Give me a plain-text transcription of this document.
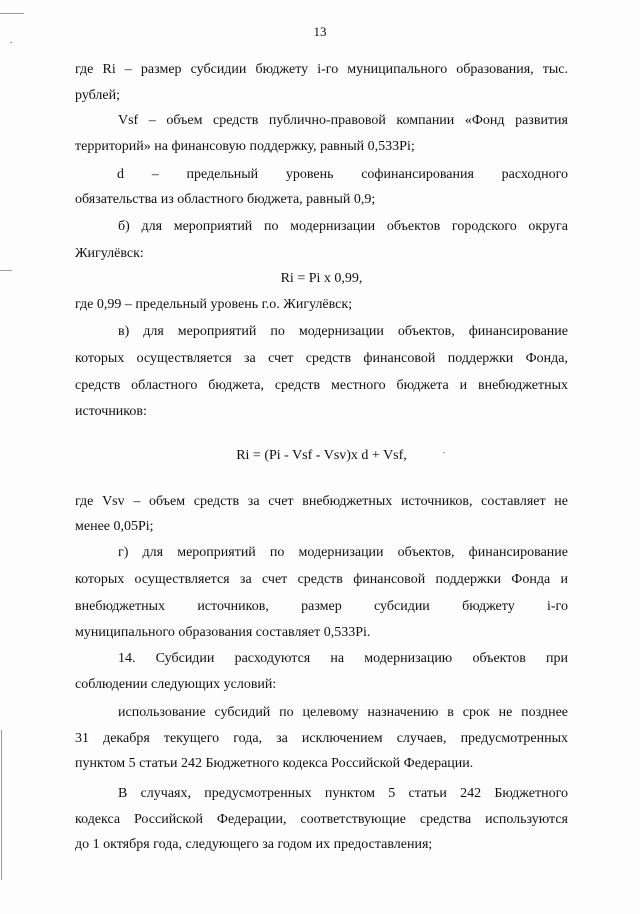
13
где Ri – размер субсидии бюджету i-го муниципального образования, тыс.
рублей;
Vsf – объем средств публично-правовой компании «Фонд развития
территорий» на финансовую поддержку, равный 0,533Pi;
d – предельный уровень софинансирования расходного
обязательства из областного бюджета, равный 0,9;
б) для мероприятий по модернизации объектов городского округа
Жигулёвск:
Ri = Pi x 0,99,
где 0,99 – предельный уровень г.о. Жигулёвск;
в) для мероприятий по модернизации объектов, финансирование
которых осуществляется за счет средств финансовой поддержки Фонда,
средств областного бюджета, средств местного бюджета и внебюджетных
источников:
Ri = (Pi - Vsf - Vsv)x d + Vsf,
где Vsv – объем средств за счет внебюджетных источников, составляет не
менее 0,05Pi;
г) для мероприятий по модернизации объектов, финансирование
которых осуществляется за счет средств финансовой поддержки Фонда и
внебюджетных источников, размер субсидии бюджету i-го
муниципального образования составляет 0,533Pi.
14. Субсидии расходуются на модернизацию объектов при
соблюдении следующих условий:
использование субсидий по целевому назначению в срок не позднее
31 декабря текущего года, за исключением случаев, предусмотренных
пунктом 5 статьи 242 Бюджетного кодекса Российской Федерации.
В случаях, предусмотренных пунктом 5 статьи 242 Бюджетного
кодекса Российской Федерации, соответствующие средства используются
до 1 октября года, следующего за годом их предоставления;
